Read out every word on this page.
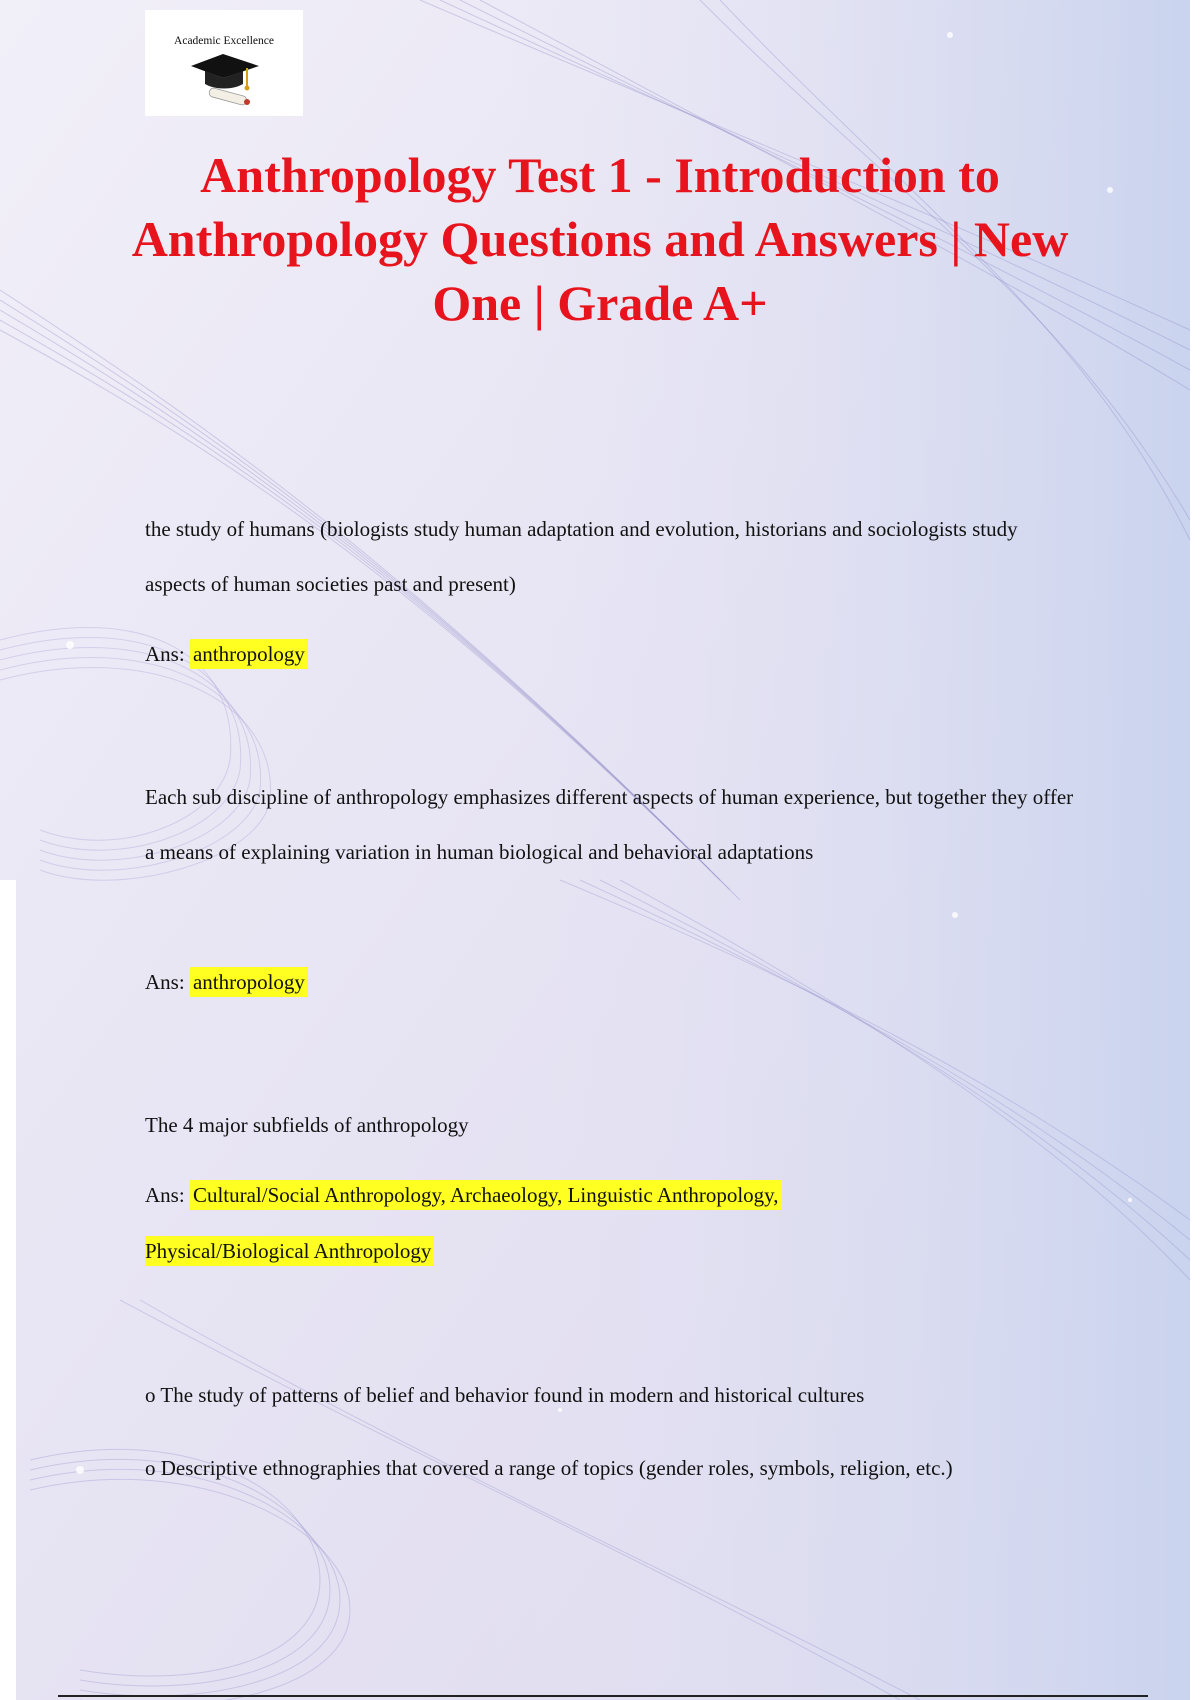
Academic Excellence
Anthropology Test 1 - Introduction to Anthropology Questions and Answers | New One | Grade A+

the study of humans (biologists study human adaptation and evolution, historians and sociologists study aspects of human societies past and present)

Ans: anthropology

Each sub discipline of anthropology emphasizes different aspects of human experience, but together they offer a means of explaining variation in human biological and behavioral adaptations

Ans: anthropology

The 4 major subfields of anthropology

Ans: Cultural/Social Anthropology, Archaeology, Linguistic Anthropology,

Physical/Biological Anthropology

o The study of patterns of belief and behavior found in modern and historical cultures

o Descriptive ethnographies that covered a range of topics (gender roles, symbols, religion, etc.)
